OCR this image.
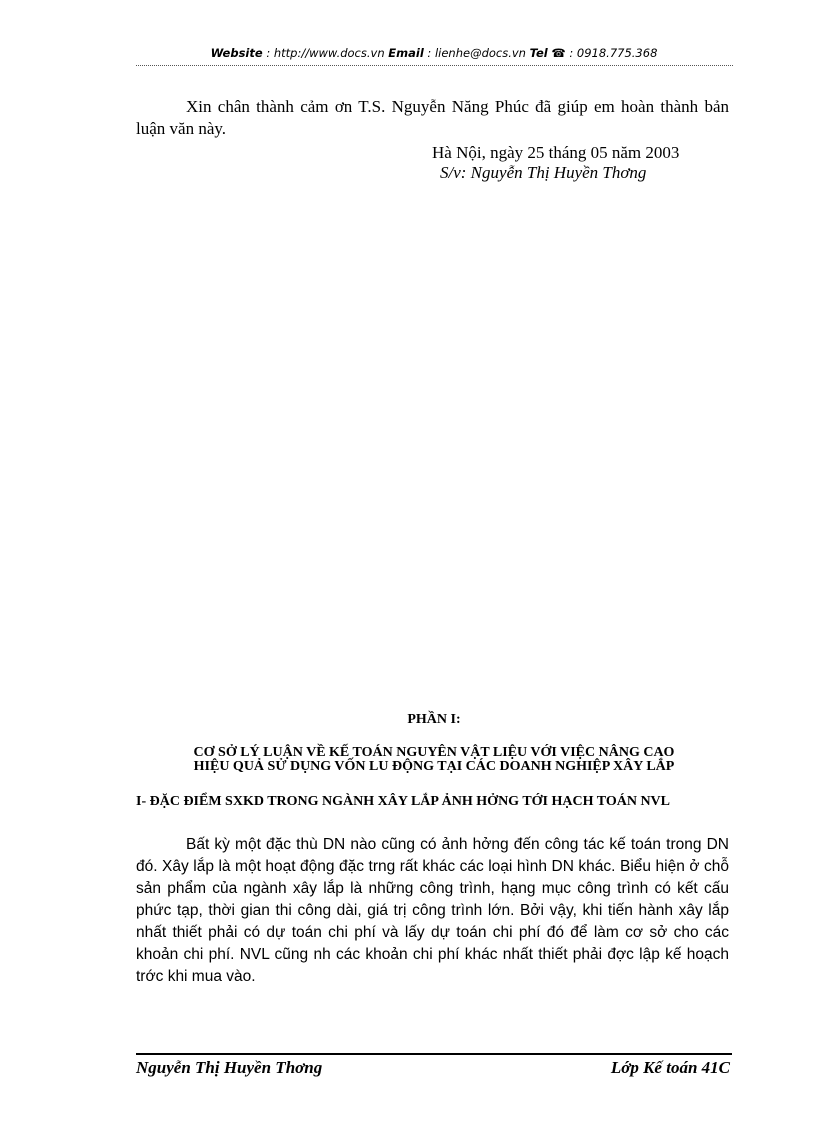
Website : http://www.docs.vn Email : lienhe@docs.vn Tel ☎ : 0918.775.368
Xin chân thành cảm ơn T.S. Nguyễn Năng Phúc đã giúp em hoàn thành bản luận văn này.
Hà Nội, ngày 25 tháng 05 năm 2003
S/v: Nguyễn Thị Huyền Thơng
PHẦN I:
CƠ SỞ LÝ LUẬN VỀ KẾ TOÁN NGUYÊN VẬT LIỆU VỚI VIỆC NÂNG CAO
HIỆU QUẢ SỬ DỤNG VỐN LU ĐỘNG TẠI CÁC DOANH NGHIỆP XÂY LẮP
I- ĐẶC ĐIỂM SXKD TRONG NGÀNH XÂY LẮP ẢNH HỞNG TỚI HẠCH TOÁN NVL
Bất kỳ một đặc thù DN nào cũng có ảnh hởng đến công tác kế toán trong DN đó. Xây lắp là một hoạt động đặc trng rất khác các loại hình DN khác. Biểu hiện ở chỗ sản phẩm của ngành xây lắp là những công trình, hạng mục công trình có kết cấu phức tạp, thời gian thi công dài, giá trị công trình lớn. Bởi vậy, khi tiến hành xây lắp nhất thiết phải có dự toán chi phí và lấy dự toán chi phí đó để làm cơ sở cho các khoản chi phí. NVL cũng nh các khoản chi phí khác nhất thiết phải đợc lập kế hoạch trớc khi mua vào.
Nguyễn Thị Huyền Thơng	Lớp Kế toán 41C
